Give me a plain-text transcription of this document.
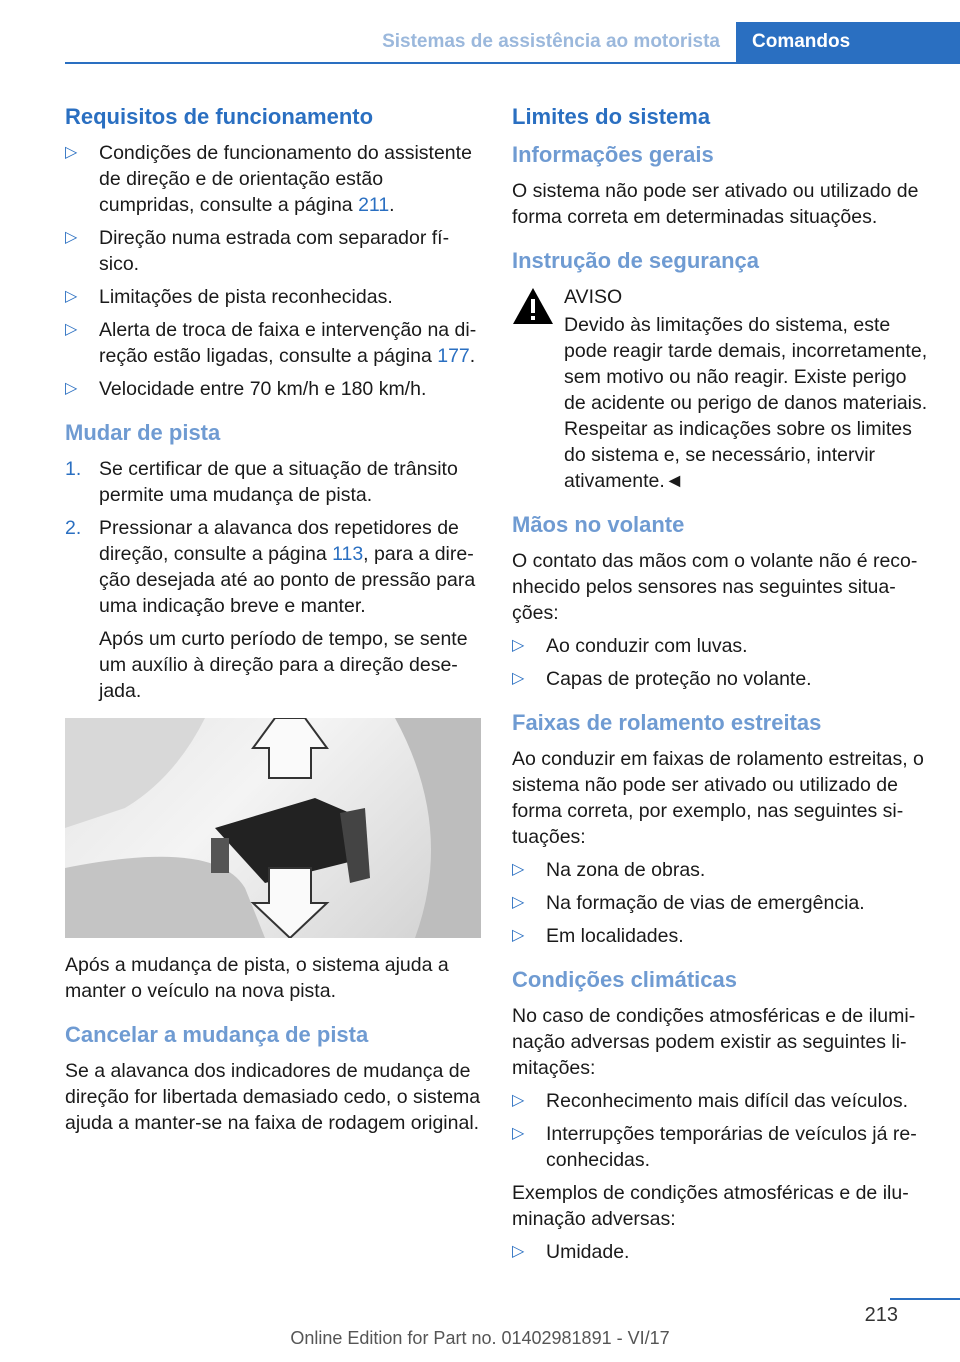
Sistemas de assistência ao motorista	Comandos
Requisitos de funcionamento
▷ Condições de funcionamento do assistente de direção e de orientação estão cumpridas, consulte a página 211.
▷ Direção numa estrada com separador físico.
▷ Limitações de pista reconhecidas.
▷ Alerta de troca de faixa e intervenção na direção estão ligadas, consulte a página 177.
▷ Velocidade entre 70 km/h e 180 km/h.
Mudar de pista
1. Se certificar de que a situação de trânsito permite uma mudança de pista.
2. Pressionar a alavanca dos repetidores de direção, consulte a página 113, para a direção desejada até ao ponto de pressão para uma indicação breve e manter.

Após um curto período de tempo, se sente um auxílio à direção para a direção desejada.

Após a mudança de pista, o sistema ajuda a manter o veículo na nova pista.

Cancelar a mudança de pista

Se a alavanca dos indicadores de mudança de direção for libertada demasiado cedo, o sistema ajuda a manter-se na faixa de rodagem original.

Limites do sistema
Informações gerais

O sistema não pode ser ativado ou utilizado de forma correta em determinadas situações.

Instrução de segurança

AVISO

Devido às limitações do sistema, este pode reagir tarde demais, incorretamente, sem motivo ou não reagir. Existe perigo de acidente ou perigo de danos materiais. Respeitar as indicações sobre os limites do sistema e, se necessário, intervir ativamente.◄

Mãos no volante

O contato das mãos com o volante não é reconhecido pelos sensores nas seguintes situações:

▷ Ao conduzir com luvas.
▷ Capas de proteção no volante.
Faixas de rolamento estreitas

Ao conduzir em faixas de rolamento estreitas, o sistema não pode ser ativado ou utilizado de forma correta, por exemplo, nas seguintes situações:

▷ Na zona de obras.
▷ Na formação de vias de emergência.
▷ Em localidades.
Condições climáticas

No caso de condições atmosféricas e de iluminação adversas podem existir as seguintes limitações:

▷ Reconhecimento mais difícil das veículos.
▷ Interrupções temporárias de veículos já reconhecidas.

Exemplos de condições atmosféricas e de iluminação adversas:

▷ Umidade.
213
Online Edition for Part no. 01402981891 - VI/17
